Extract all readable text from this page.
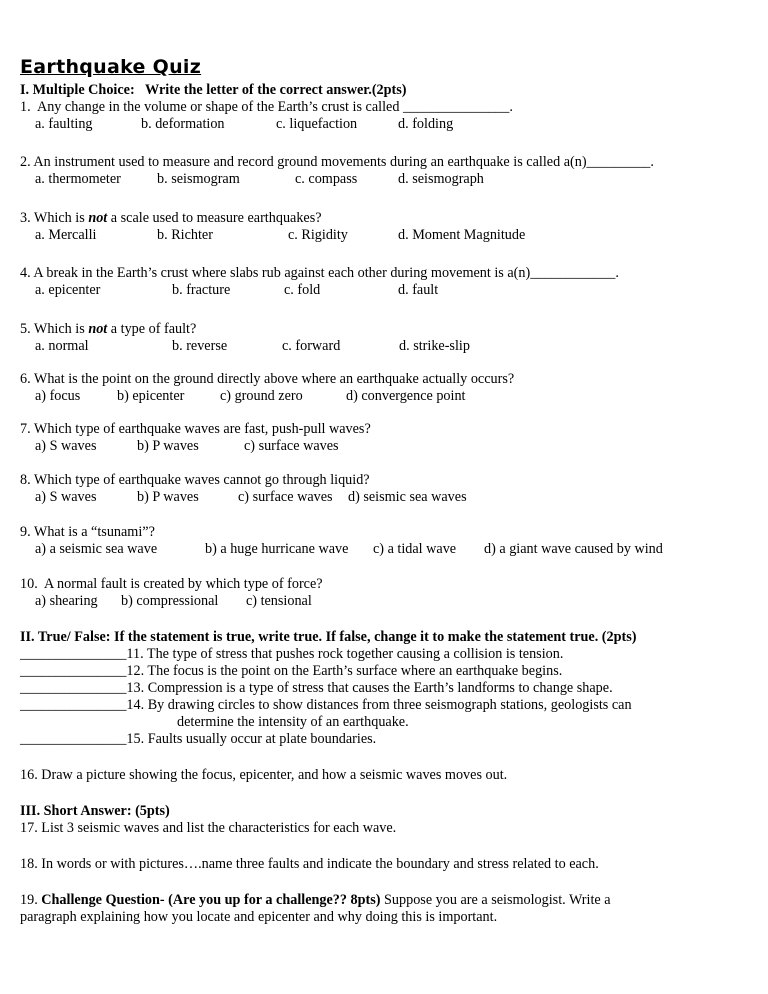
Earthquake Quiz
I. Multiple Choice:   Write the letter of the correct answer.(2pts)
1.  Any change in the volume or shape of the Earth’s crust is called _______________.
a. faulting	b. deformation	c. liquefaction	d. folding
2. An instrument used to measure and record ground movements during an earthquake is called a(n)_________.
a. thermometer	b. seismogram	c. compass	d. seismograph
3. Which is not a scale used to measure earthquakes?
a. Mercalli	b. Richter	c. Rigidity	d. Moment Magnitude
4. A break in the Earth’s crust where slabs rub against each other during movement is a(n)____________.
a. epicenter	b. fracture	c. fold	d. fault
5. Which is not a type of fault?
a. normal	b. reverse	c. forward	d. strike-slip
6. What is the point on the ground directly above where an earthquake actually occurs?
a) focus	b) epicenter	c) ground zero	d) convergence point
7. Which type of earthquake waves are fast, push-pull waves?
a) S waves	b) P waves	c) surface waves
8. Which type of earthquake waves cannot go through liquid?
a) S waves	b) P waves	c) surface waves d) seismic sea waves
9. What is a “tsunami”?
a) a seismic sea wave	b) a huge hurricane wave c) a tidal wave d) a giant wave caused by wind
10.  A normal fault is created by which type of force?
a) shearing b) compressional c) tensional
II. True/ False: If the statement is true, write true. If false, change it to make the statement true. (2pts)
_______________11. The type of stress that pushes rock together causing a collision is tension.
_______________12. The focus is the point on the Earth’s surface where an earthquake begins.
_______________13. Compression is a type of stress that causes the Earth’s landforms to change shape.
_______________14. By drawing circles to show distances from three seismograph stations, geologists can
determine the intensity of an earthquake.
_______________15. Faults usually occur at plate boundaries.
16. Draw a picture showing the focus, epicenter, and how a seismic waves moves out.
III. Short Answer: (5pts)
17. List 3 seismic waves and list the characteristics for each wave.
18. In words or with pictures….name three faults and indicate the boundary and stress related to each.
19. Challenge Question- (Are you up for a challenge?? 8pts) Suppose you are a seismologist. Write a
paragraph explaining how you locate and epicenter and why doing this is important.
